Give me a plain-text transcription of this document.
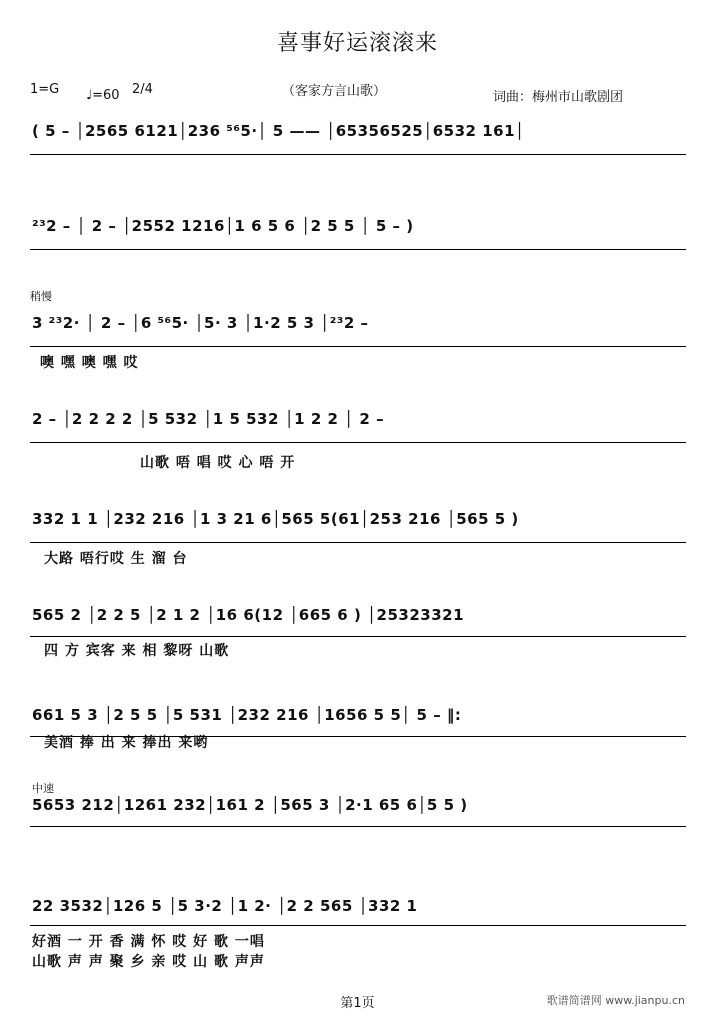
喜事好运滚滚来
1=G ♩=60 2/4	（客家方言山歌）	词曲：梅州市山歌剧团
( 5 – │2565 6121│236 ⁵⁶5·│ 5 —— │65356525│6532 161│
²³2 – │ 2 – │2552 1216│1 6 5 6 │2 5 5 │ 5 – )
稍慢
3 ²³2· │ 2 – │6 ⁵⁶5· │5· 3 │1·2 5 3 │²³2 –
噢 嘿 噢 嘿 哎
2 – │2 2 2 2 │5 532 │1 5 532 │1 2 2 │ 2 –
山歌 唔 唱 哎 心 唔 开
332 1 1 │232 216 │1 3 21 6│565 5(61│253 216 │565 5 )
大路 唔行哎 生 溜 台
565 2 │2 2 5 │2 1 2 │16 6(12 │665 6 ) │25323321
四 方 宾客 来 相 黎呀 山歌
661 5 3 │2 5 5 │5 531 │232 216 │1656 5 5│ 5 – ‖:
美酒 捧 出 来 捧出 来哟
中速
5653 212│1261 232│161 2 │565 3 │2·1 65 6│5 5 )
22 3532│126 5 │5 3·2 │1 2· │2 2 565 │332 1
好酒 一 开 香 满 怀 哎 好 歌 一唱
山歌 声 声 聚 乡 亲 哎 山 歌 声声
第1页	歌谱简谱网 www.jianpu.cn
